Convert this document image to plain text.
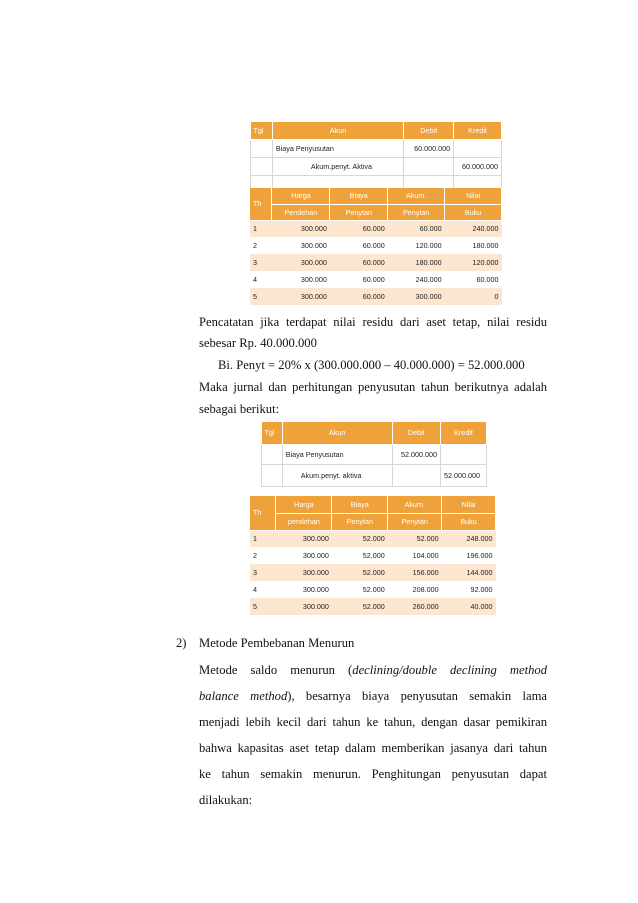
Tgl	Akun	Debit	Kredit
	Biaya Penyusutan	60.000.000	
	Akum.penyt. Aktiva		60.000.000

Th	Harga	Biaya	Akum.	Nilai
	Perolehan	Penytan	Penytan	Buku
1	300.000	60.000	60.000	240.000
2	300.000	60.000	120.000	180.000
3	300.000	60.000	180.000	120.000
4	300.000	60.000	240.000	60.000
5	300.000	60.000	300.000	0

Pencatatan jika terdapat nilai residu dari aset tetap, nilai residu

sebesar Rp. 40.000.000

Bi. Penyt = 20% x (300.000.000 – 40.000.000) = 52.000.000

Maka jurnal dan perhitungan penyusutan tahun berikutnya adalah

sebagai berikut:

Tgl	Akun	Debit	Kredit
	Biaya Penyusutan	52.000.000	
	Akum.penyt. aktiva		52.000.000
Th	Harga	Biaya	Akum.	Nilai
	perolehan	Penytan	Penytan	Buku
1	300.000	52.000	52.000	248.000
2	300.000	52.000	104.000	196.000
3	300.000	52.000	156.000	144.000
4	300.000	52.000	208.000	92.000
5	300.000	52.000	260.000	40.000

2) Metode Pembebanan Menurun

Metode saldo menurun (declining/double declining method

balance method), besarnya biaya penyusutan semakin lama

menjadi lebih kecil dari tahun ke tahun, dengan dasar pemikiran

bahwa kapasitas aset tetap dalam memberikan jasanya dari tahun

ke tahun semakin menurun. Penghitungan penyusutan dapat

dilakukan:
